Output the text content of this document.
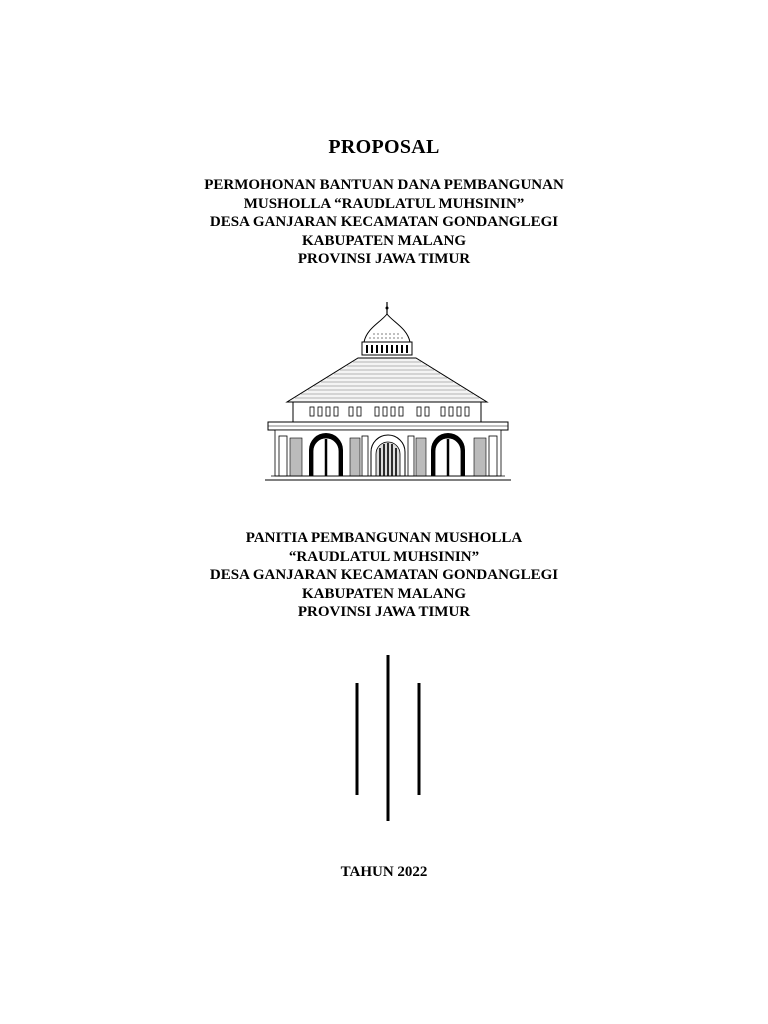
PROPOSAL
PERMOHONAN BANTUAN DANA PEMBANGUNAN
MUSHOLLA “RAUDLATUL MUHSININ”
DESA GANJARAN KECAMATAN GONDANGLEGI
KABUPATEN MALANG
PROVINSI JAWA TIMUR
PANITIA PEMBANGUNAN MUSHOLLA
“RAUDLATUL MUHSININ”
DESA GANJARAN KECAMATAN GONDANGLEGI
KABUPATEN MALANG
PROVINSI JAWA TIMUR
TAHUN 2022
